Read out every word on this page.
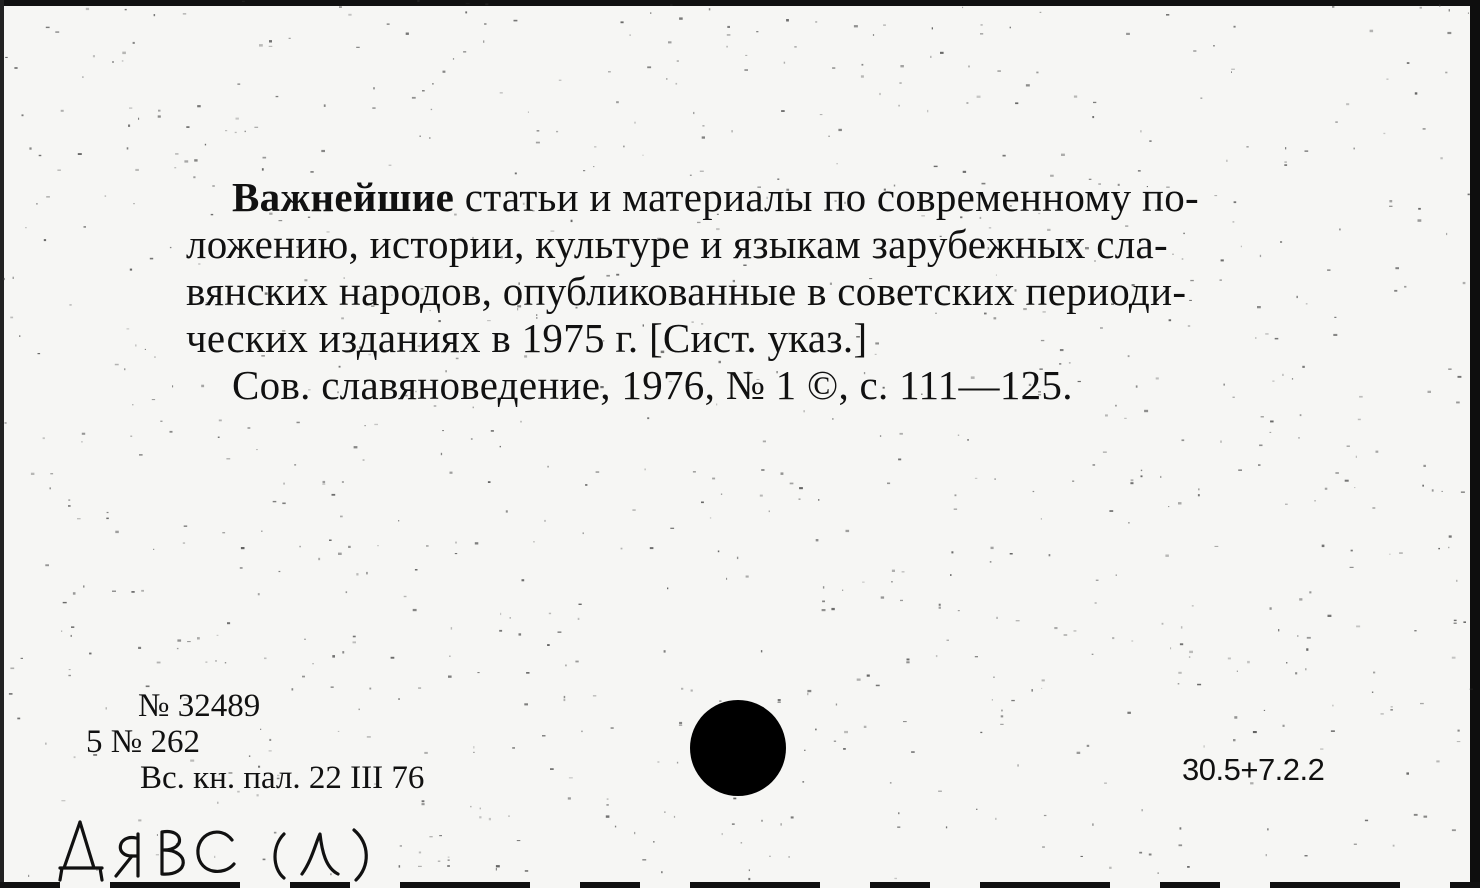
Важнейшие статьи и материалы по современному по-
ложению, истории, культуре и языкам зарубежных сла-
вянских народов, опубликованные в советских периоди-
ческих изданиях в 1975 г. [Сист. указ.]
Сов. славяноведение, 1976, № 1 ©, с. 111—125.
№ 32489
5 № 262
Вс. кн. пал. 22 III 76	30.5+7.2.2
